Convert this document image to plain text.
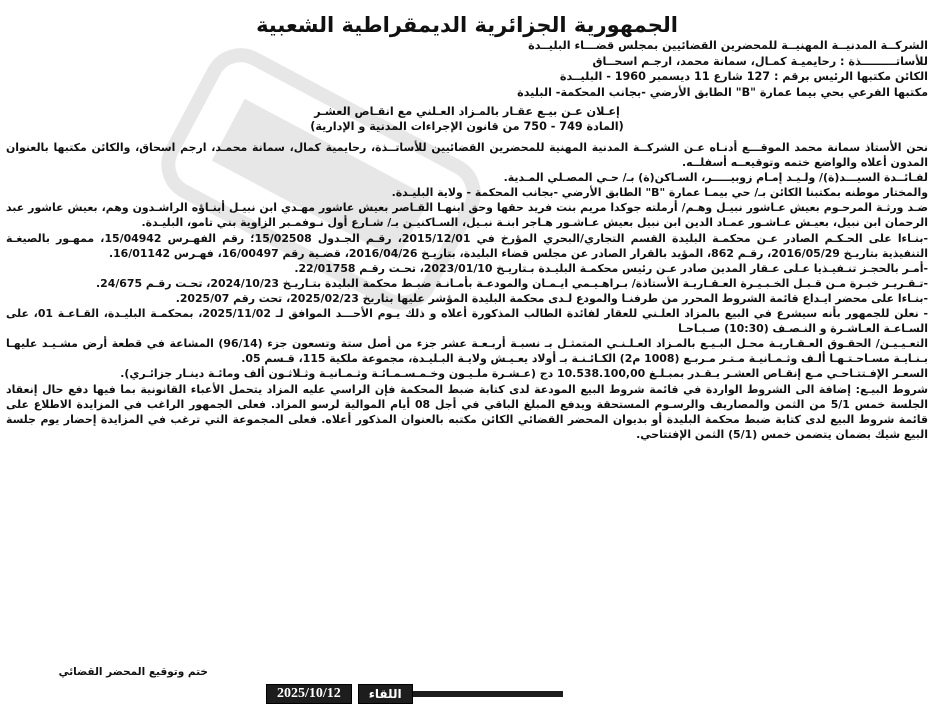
الجمهورية الجزائرية الديمقراطية الشعبية
الشركــة المدنيــة المهنيــة للمحضرين القضائيين بمجلس قضـــاء البليــدة
للأساتـــــــــذة : رحايميـة كمـال، سمانة محمد، ارجـم اسحــاق
الكائن مكتبها الرئيس برقم : 127 شارع 11 ديسمبر 1960 - البليــدة
مكتبها الفرعي بحي بيما عمارة "B" الطابق الأرضي -بجانب المحكمة- البليدة
إعـلان عـن بيـع عقـار بالمـزاد العـلني مع انقـاص العشـر
(المادة 749 - 750 من قانون الإجراءات المدنية و الإدارية)

نحن الأستاذ سمانة محمد الموقـــع أدنـاه عـن الشركــة المدنية المهنية للمحضرين القضائيين للأساتــذة، رحايمية كمال، سمانة محمـد، ارجم اسحاق، والكائن مكتبها بالعنوان المدون أعلاه والواضع ختمه وتوقيعــه أسفلــه.

لفـائــدة السيـــد(ة)/ ولـيـد إمـام زوبيـــــر، السـاكن(ة) بـ/ حـي المصـلي المـدية.

والمختار موطنه بمكتبنا الكائن بـ/ حي بيمـا عمارة "B" الطابق الأرضي -بجانب المحكمة - ولاية البليـدة.

ضـد ورثـة المرحـوم بعيش عـاشور نبيـل وهـم/ أرملته جوكدا مريم بنت فريد حقها وحق ابنهـا القـاصر بعيش عاشور مهـدي ابن نبيـل أبنـاؤه الراشـدون وهم، بعيش عاشور عبد الرحمان ابن نبيل، بعيـش عـاشـور عمـاد الدين ابن نبيل بعيش عـاشـور هـاجر ابنـة نبـيل، السـاكنيـن بـ/ شـارع أول نـوفمـبر الزاوية بني تامو، البليـدة.

-بنـاءا على الحـكـم الصادر عـن محكمـة البليدة القسم التجاري/البحري المؤرخ في 2015/12/01، رقـم الجـدول 15/02508؛ رقم الفهـرس 15/04942، ممهـور بالصيغـة التنفيذية بتاريـخ 2016/05/29، رقـم 862، المؤيد بالقرار الصادر عن مجلس قضاء البليدة، بتاريـخ 2016/04/26، قضـية رقم 16/00497، فهـرس 16/01142.

-أمـر بالحجـز تنـفيـذيا عـلى عـقار المدين صادر عـن رئيس محكمـة البليـدة بـتاريـخ 2023/01/10، تحـت رقـم 22/01758.

-تـقـريـر خبـرة مـن قـبـل الخـبـيـرة العـقـاريـة الأستاذة/ بـراهـيـمي ايـمـان والمودعـة بأمـانـة ضبـط محكمة البليدة بتـاريـخ 2024/10/23، تحـت رقـم 24/675.

-بنـاءا على محضر ايـداع قائمة الشروط المحرر من طرفنـا والمودع لـدى محكمة البليدة المؤشر عليها بتاريخ 2025/02/23، تحت رقم 2025/07.

- نعلن للجمهور بأنه سيشرع في البيع بالمزاد العلـني للعقار لفائدة الطالب المذكورة أعلاه و ذلك يـوم الأحـــد الموافق لـ 2025/11/02، بمحكمـة البليـدة، القـاعـة 01، على السـاعـة العـاشـرة و النـصـف (10:30) صـبـاحـا

التعـيـيـن/ الحقـوق العـقـاريـة محـل البـيـع بالمـزاد العـلـنـي المتمثـل بـ نسبـة أربـعـة عشر جزء من أصل ستة وتسعون جزء (96/14) المشاعة في قطعة أرض مشـيـد عليهـا بـنـايـة مسـاحـتـهـا ألـف وثـمـانيـة مـتـر مـربـع (1008 م2) الكـائـنـة بـ أولاد يعـيـش ولايـة البـليـدة، مجموعة ملكية 115، قـسم 05.

السعـر الإفـتتـاحـي مـع إنقـاص العشـر يـقـدر بمبـلـغ 10.538.100,00 دج (عـشـرة ملـيـون وخـمـسـمـائـة وثـمـانيـة وثـلاثـون ألف ومائـة دينـار جزائـري).

شروط البيـع: إضافة الى الشروط الواردة في قائمة شروط البيع المودعة لدى كتابة ضبط المحكمة فإن الراسي عليه المزاد يتحمل الأعباء القانونية بما فيها دفع حال إنعقاد الجلسة خمس 5/1 من الثمن والمصاريف والرسـوم المستحقة ويدفع المبلغ الباقي في أجل 08 أيام الموالية لرسو المزاد. فعلى الجمهور الراغب في المزايدة الاطلاع على قائمة شروط البيع لدى كتابة ضبط محكمة البليدة أو بديوان المحضر القضائي الكائن مكتبه بالعنوان المذكور أعلاه. فعلى المجموعة التي ترغب في المزايدة إحضار يوم جلسة البيع شيك بضمان يتضمن خمس (5/1) الثمن الإفتتاحي.

ختم وتوقيع المحضر القضائي
2025/10/12	اللقاء
